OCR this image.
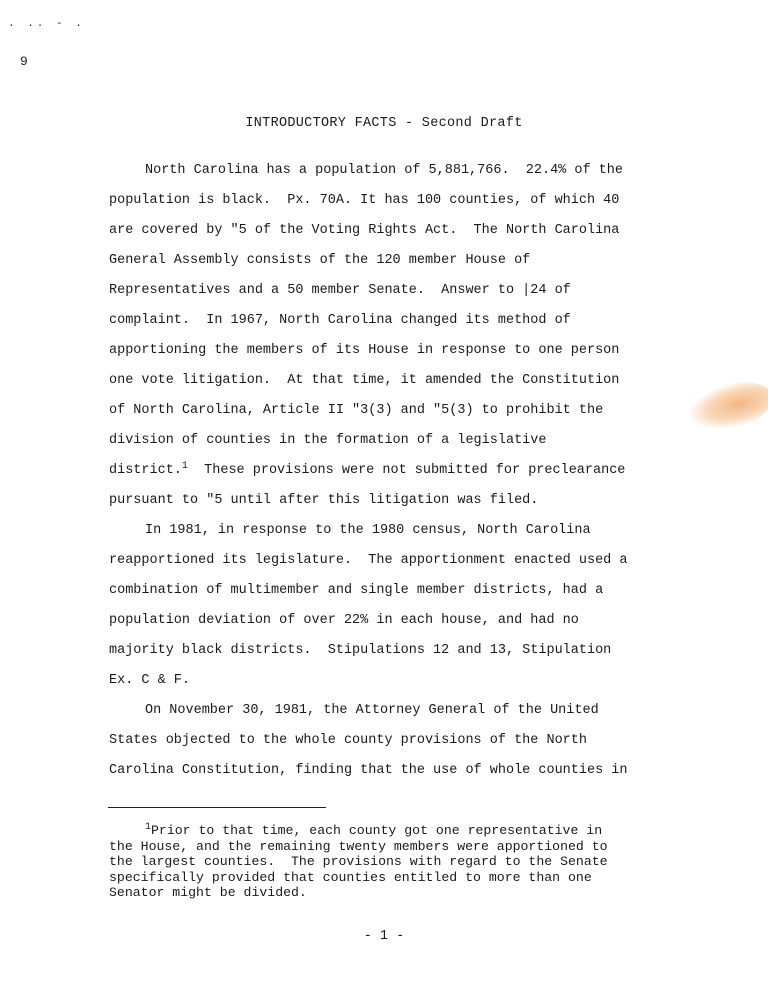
. .. - .
9
INTRODUCTORY FACTS - Second Draft
North Carolina has a population of 5,881,766.  22.4% of the
population is black.  Px. 70A. It has 100 counties, of which 40
are covered by "5 of the Voting Rights Act.  The North Carolina
General Assembly consists of the 120 member House of
Representatives and a 50 member Senate.  Answer to |24 of
complaint.  In 1967, North Carolina changed its method of
apportioning the members of its House in response to one person
one vote litigation.  At that time, it amended the Constitution
of North Carolina, Article II "3(3) and "5(3) to prohibit the
division of counties in the formation of a legislative
district.$^1$ These provisions were not submitted for preclearance
pursuant to "5 until after this litigation was filed.
In 1981, in response to the 1980 census, North Carolina
reapportioned its legislature.  The apportionment enacted used a
combination of multimember and single member districts, had a
population deviation of over 22% in each house, and had no
majority black districts.  Stipulations 12 and 13, Stipulation
Ex. C & F.
On November 30, 1981, the Attorney General of the United
States objected to the whole county provisions of the North
Carolina Constitution, finding that the use of whole counties in
$^1$Prior to that time, each county got one representative in
the House, and the remaining twenty members were apportioned to
the largest counties.  The provisions with regard to the Senate
specifically provided that counties entitled to more than one
Senator might be divided.
- 1 -
